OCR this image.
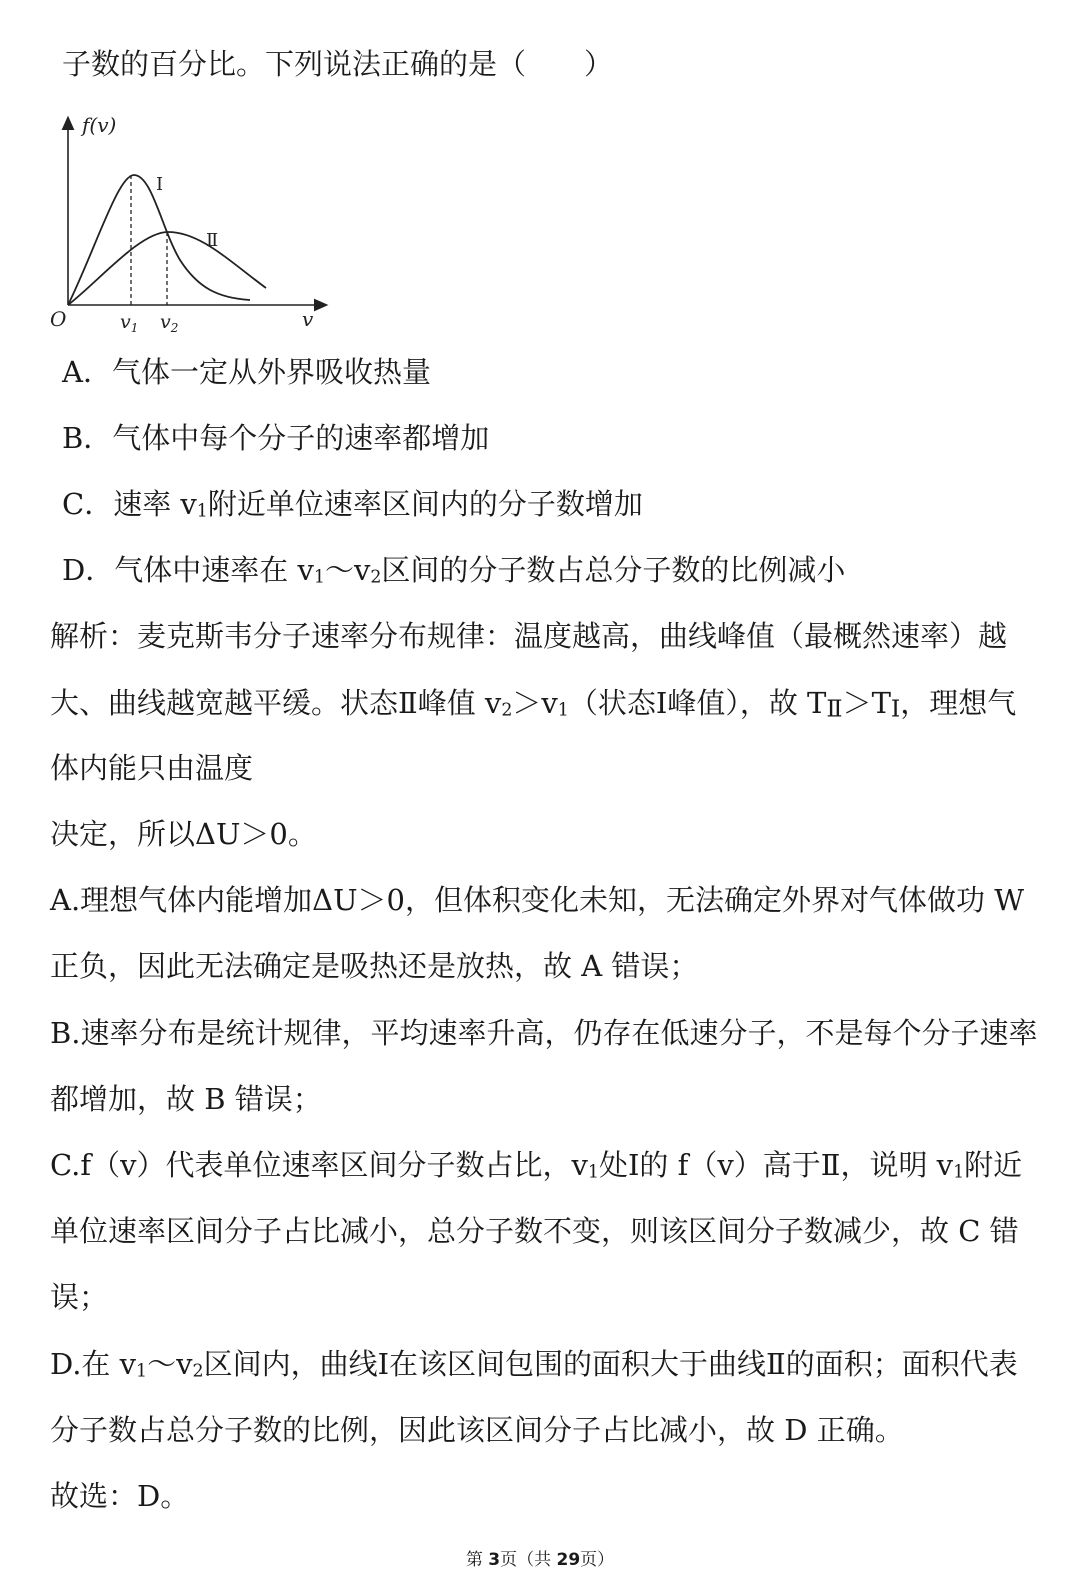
子数的百分比。下列说法正确的是（　　）
f(v)
O	v
$v_1$ $v_2$
Ⅰ
Ⅱ
A．气体一定从外界吸收热量
B．气体中每个分子的速率都增加
C．速率 $v_1$附近单位速率区间内的分子数增加
D．气体中速率在 $v_1\sim v_2$区间的分子数占总分子数的比例减小
解析：麦克斯韦分子速率分布规律：温度越高，曲线峰值（最概然速率）越
大、曲线越宽越平缓。状态Ⅱ峰值 $v_2>v_1$（状态Ⅰ峰值），故 $T_Ⅱ>T_Ⅰ$，理想气
体内能只由温度
决定，所以ΔU＞0。
A.理想气体内能增加ΔU＞0，但体积变化未知，无法确定外界对气体做功 W
正负，因此无法确定是吸热还是放热，故 A 错误；
B.速率分布是统计规律，平均速率升高，仍存在低速分子，不是每个分子速率
都增加，故 B 错误；
C.f（v）代表单位速率区间分子数占比，$v_1$处Ⅰ的 f（v）高于Ⅱ，说明 $v_1$附近
单位速率区间分子占比减小，总分子数不变，则该区间分子数减少，故 C 错
误；
D.在 $v_1\sim v_2$区间内，曲线Ⅰ在该区间包围的面积大于曲线Ⅱ的面积；面积代表
分子数占总分子数的比例，因此该区间分子占比减小，故 D 正确。
故选：D。
第 3页（共 29页）
